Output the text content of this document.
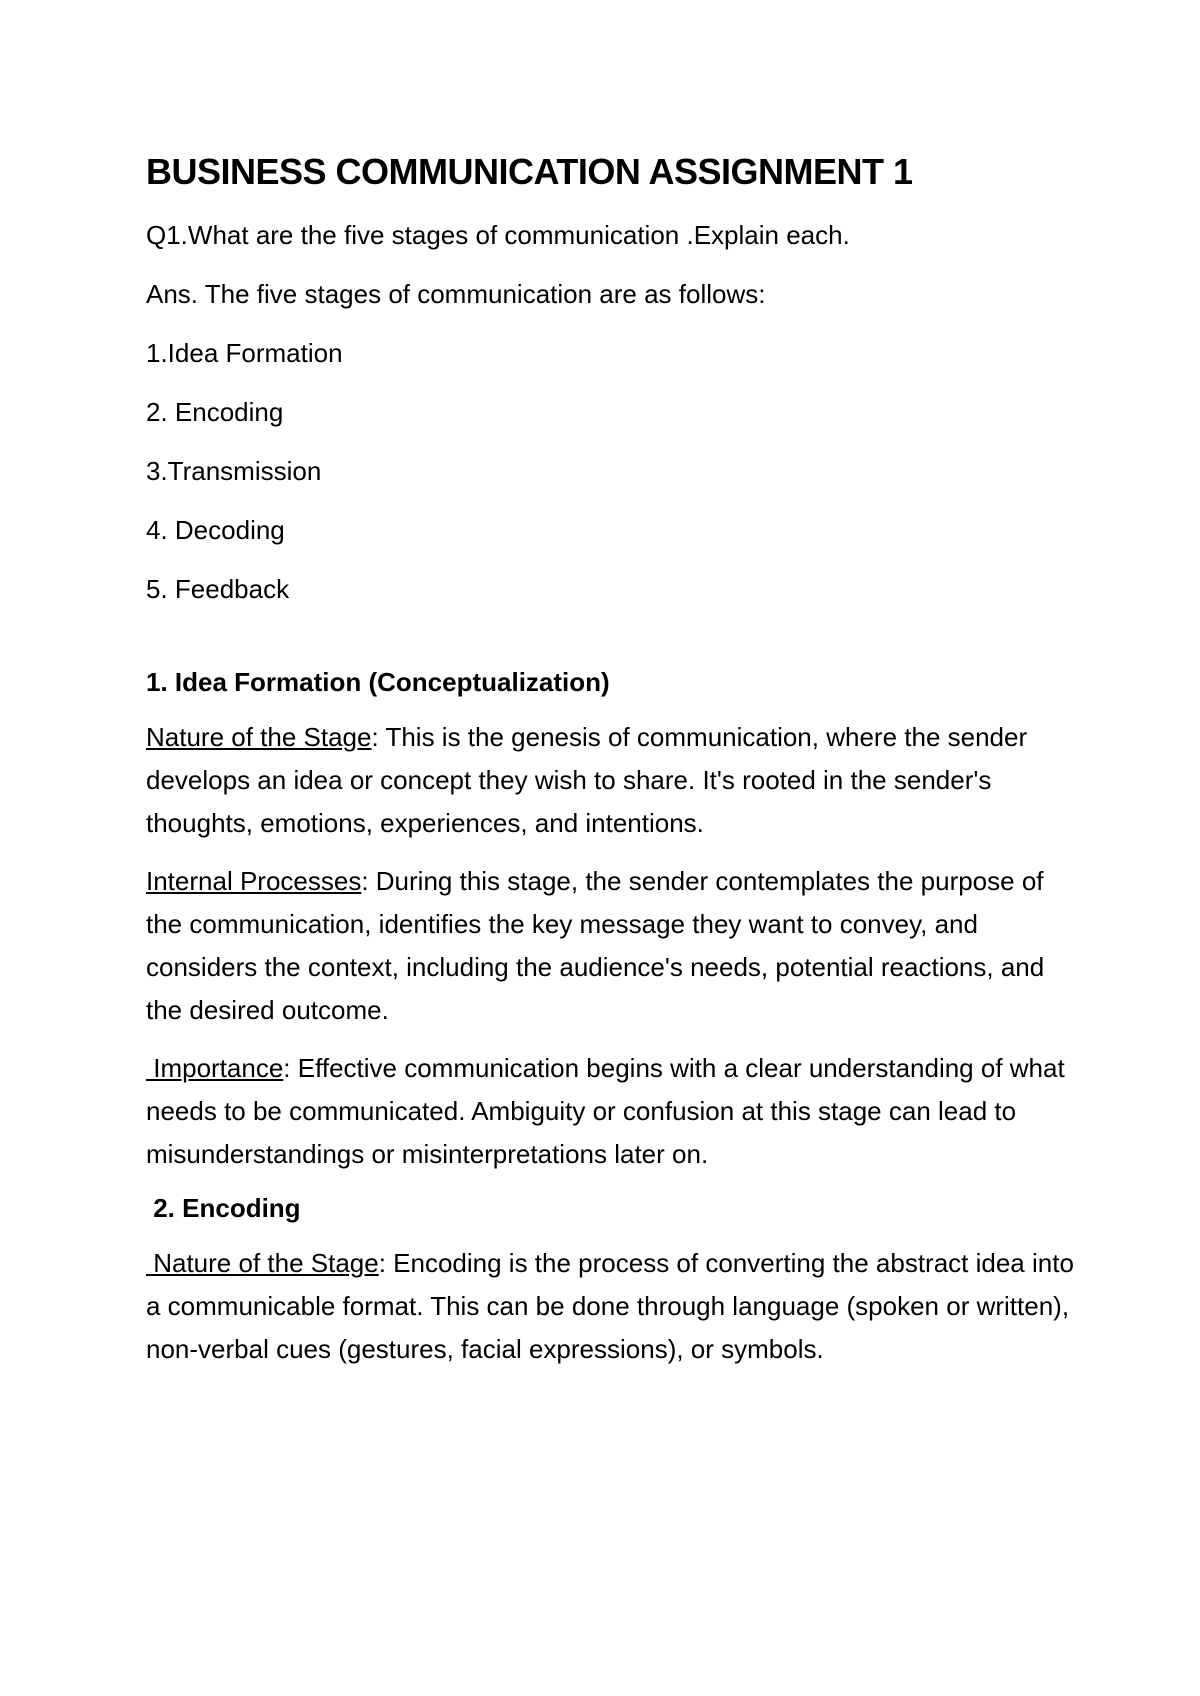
BUSINESS COMMUNICATION ASSIGNMENT 1
Q1.What are the five stages of communication .Explain each.
Ans. The five stages of communication are as follows:
1.Idea Formation
2. Encoding
3.Transmission
4. Decoding
5. Feedback
1. Idea Formation (Conceptualization)

Nature of the Stage: This is the genesis of communication, where the sender develops an idea or concept they wish to share. It's rooted in the sender's thoughts, emotions, experiences, and intentions.

Internal Processes: During this stage, the sender contemplates the purpose of the communication, identifies the key message they want to convey, and considers the context, including the audience's needs, potential reactions, and the desired outcome.

Importance: Effective communication begins with a clear understanding of what needs to be communicated. Ambiguity or confusion at this stage can lead to misunderstandings or misinterpretations later on.

2. Encoding

Nature of the Stage: Encoding is the process of converting the abstract idea into a communicable format. This can be done through language (spoken or written), non-verbal cues (gestures, facial expressions), or symbols.
